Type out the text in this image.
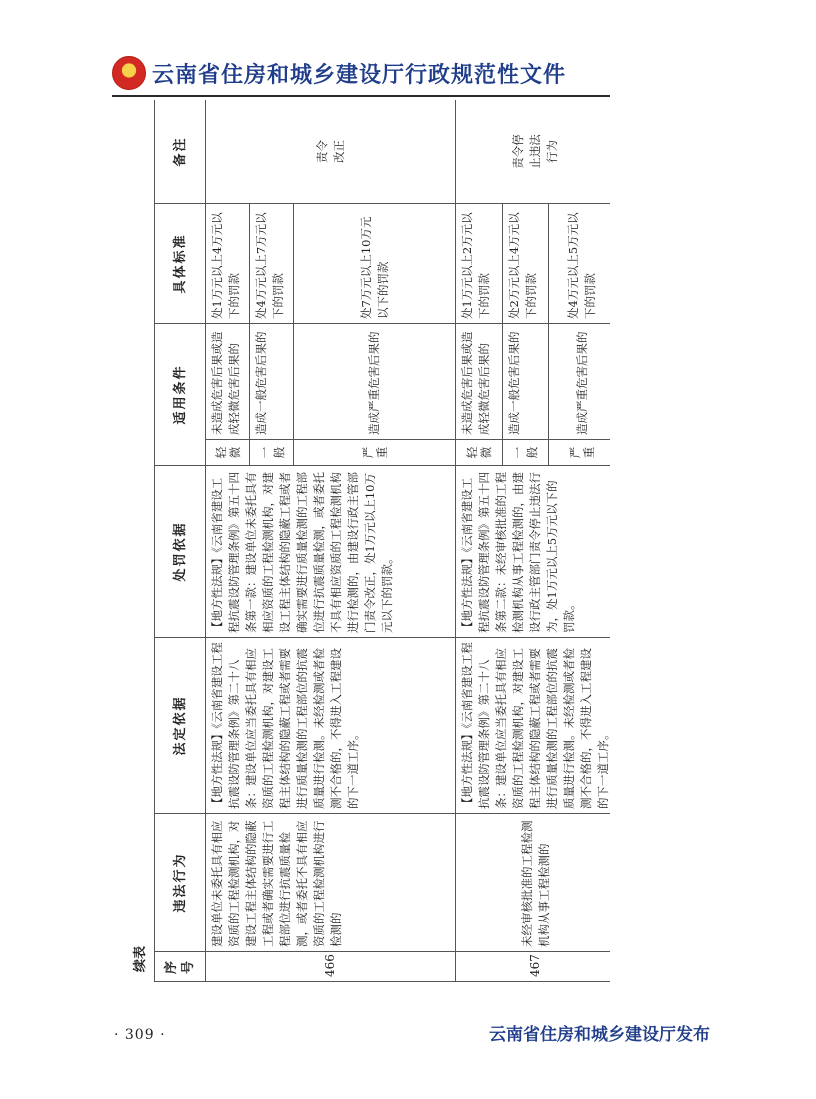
★ 云南省住房和城乡建设厅行政规范性文件
续表	序号	违法行为	法定依据	处罚依据	适用条件		具体标准	备注
466	建设单位未委托具有相应资质的工程检测机构，对建设工程主体结构的隐蔽工程或者确实需要进行工程部位进行抗震质量检测，或者委托不具有相应资质的工程检测机构进行检测的	【地方性法规】《云南省建设工程抗震设防管理条例》第二十八条：建设单位应当委托具有相应资质的工程检测机构，对建设工程主体结构的隐蔽工程或者需要进行质量检测的工程部位的抗震质量进行检测。未经检测或者检测不合格的，不得进入工程建设的下一道工序。	【地方性法规】《云南省建设工程抗震设防管理条例》第五十四条第一款：建设单位未委托具有相应资质的工程检测机构，对建设工程主体结构的隐蔽工程或者确实需要进行质量检测的工程部位进行抗震质量检测，或者委托不具有相应资质的工程检测机构进行检测的，由建设行政主管部门责令改正，处1万元以上10万元以下的罚款。	轻微	未造成危害后果或造成轻微危害后果的	处1万元以上4万元以下的罚款	责令改正
				一般	造成一般危害后果的	处4万元以上7万元以下的罚款	
				严重	造成严重危害后果的	处7万元以上10万元以下的罚款	
467	未经审核批准的工程检测机构从事工程检测的	【地方性法规】《云南省建设工程抗震设防管理条例》第二十八条：建设单位应当委托具有相应资质的工程检测机构，对建设工程主体结构的隐蔽工程或者需要进行质量检测的工程部位的抗震质量进行检测。未经检测或者检测不合格的，不得进入工程建设的下一道工序。	【地方性法规】《云南省建设工程抗震设防管理条例》第五十四条第二款：未经审核批准的工程检测机构从事工程检测的，由建设行政主管部门责令停止违法行为，处1万元以上5万元以下的罚款。	轻微	未造成危害后果或造成轻微危害后果的	处1万元以上2万元以下的罚款	责令停止违法行为
				一般	造成一般危害后果的	处2万元以上4万元以下的罚款	
				严重	造成严重危害后果的	处4万元以上5万元以下的罚款	
· 309 ·	云南省住房和城乡建设厅发布
